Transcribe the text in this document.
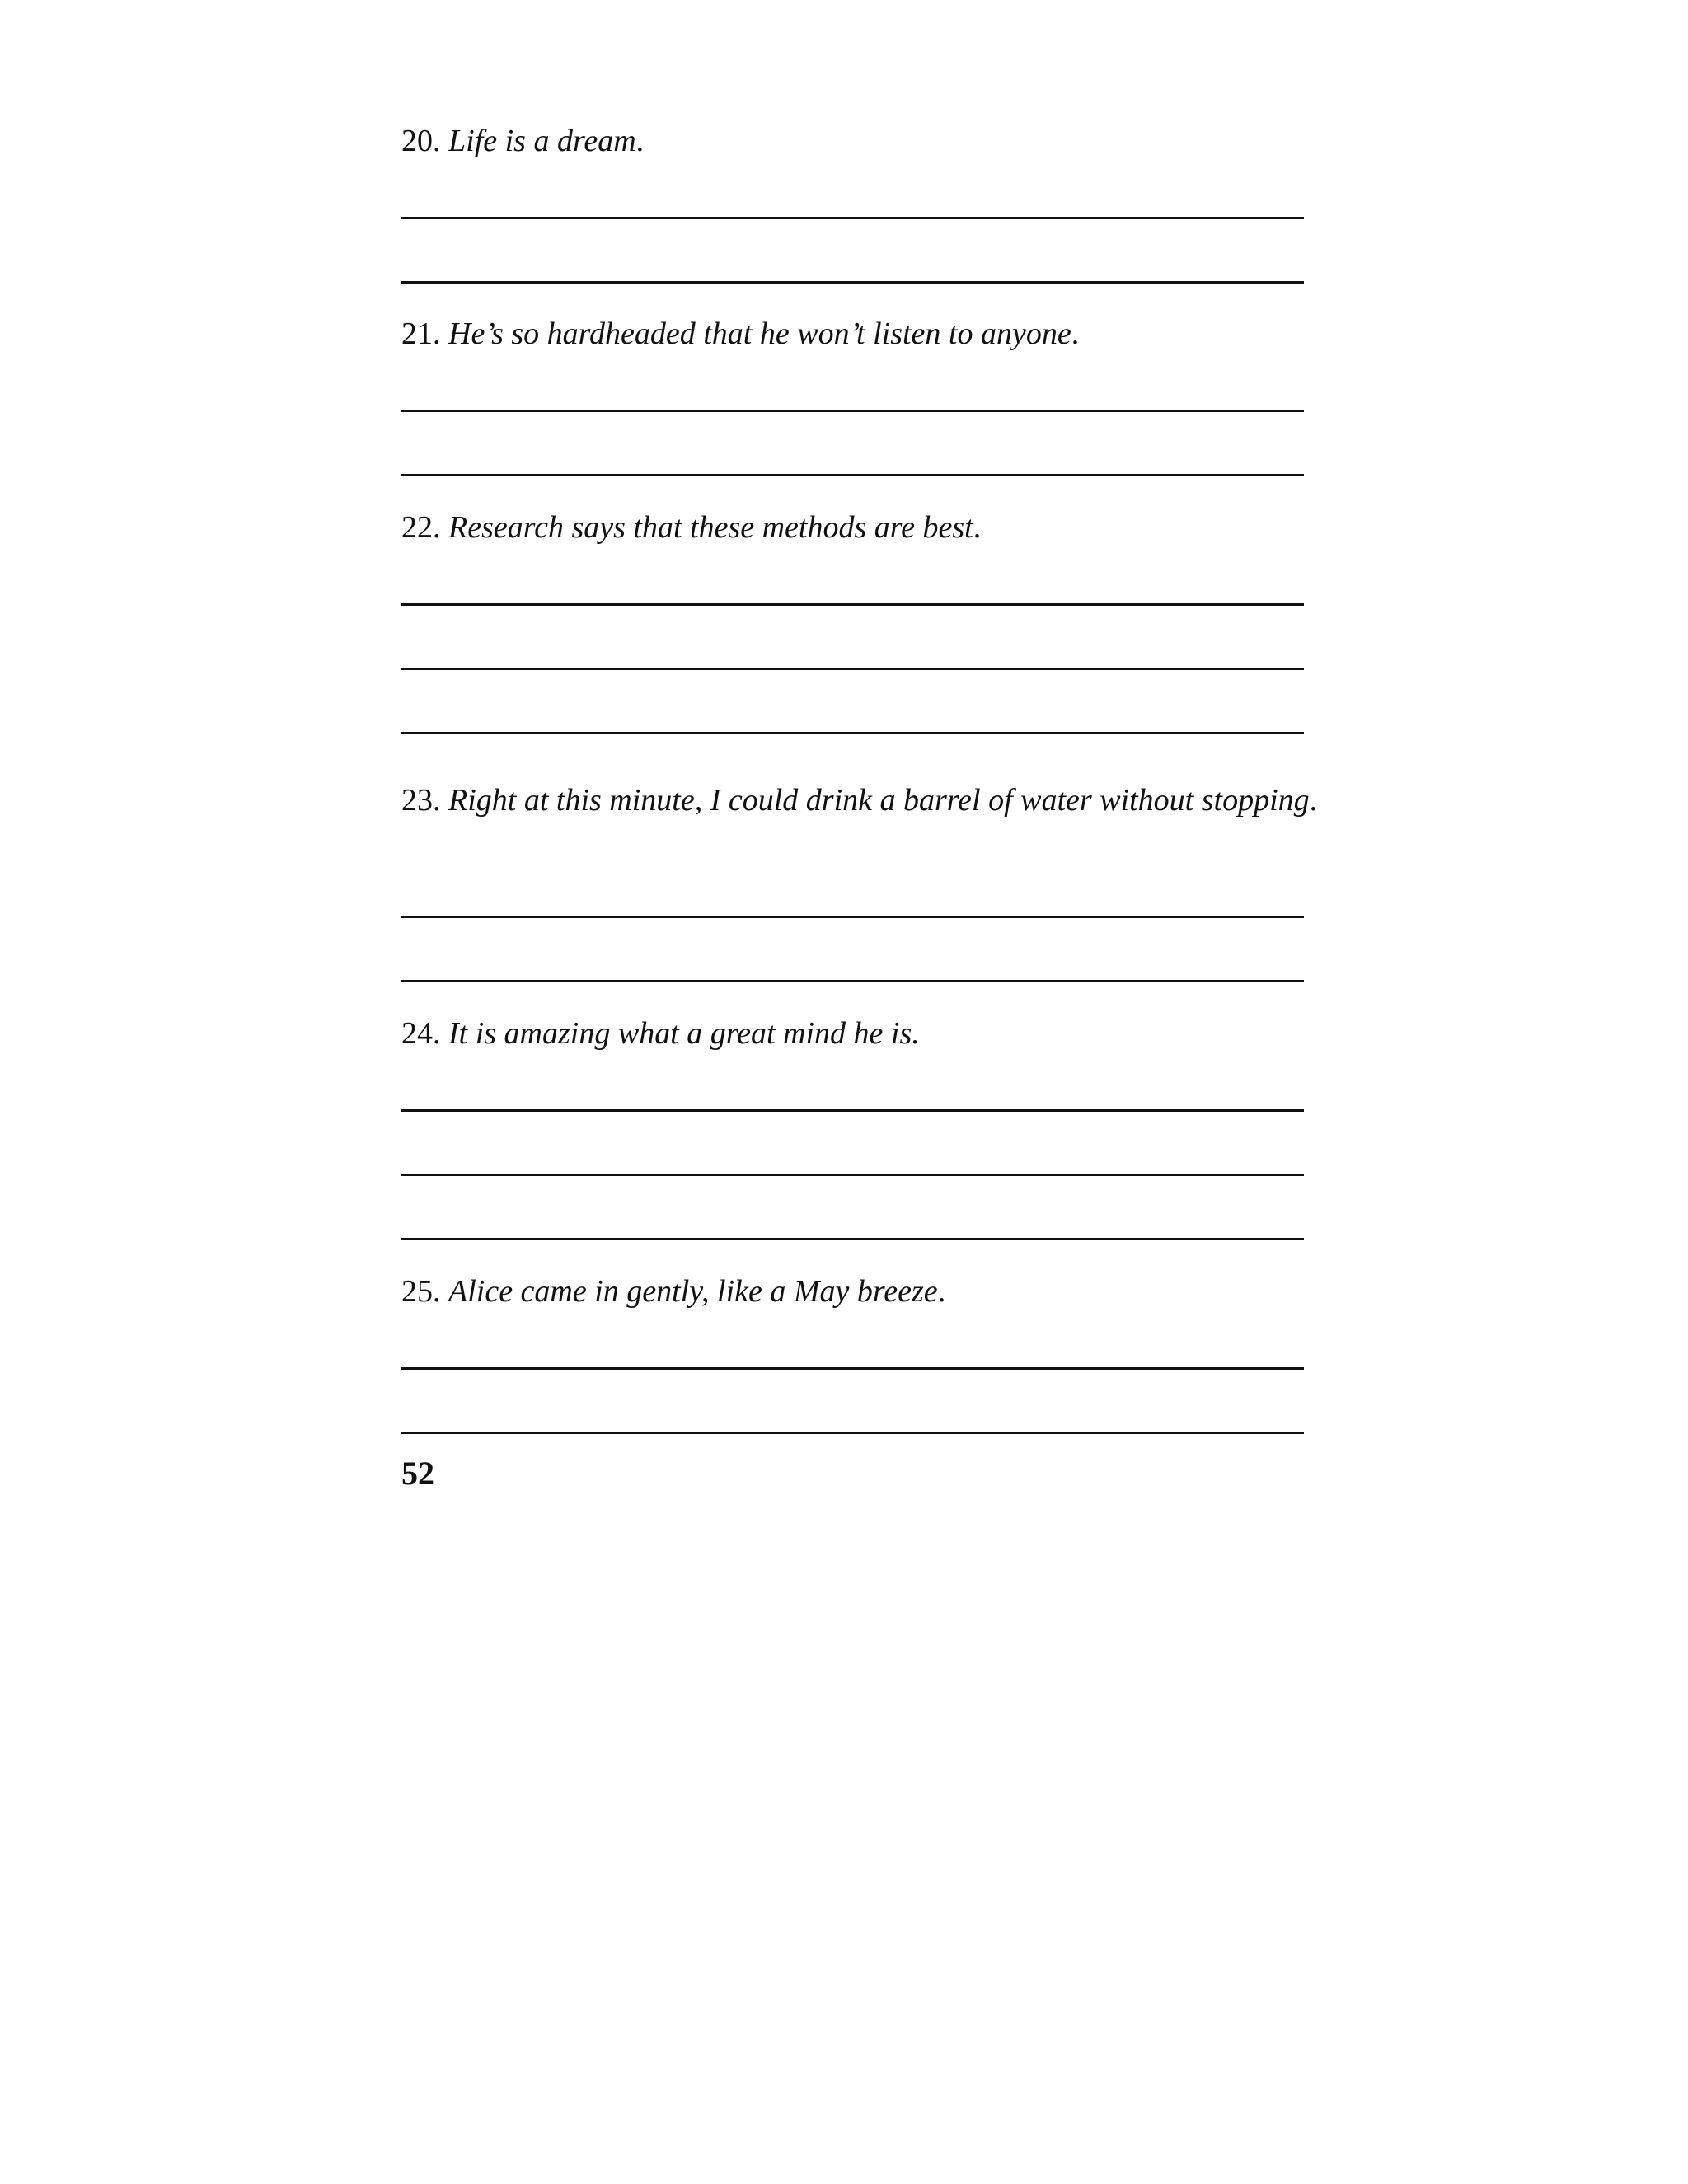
20. Life is a dream.

21. He’s so hardheaded that he won’t listen to anyone.

22. Research says that these methods are best.

23. Right at this minute, I could drink a barrel of water without stopping.

24. It is amazing what a great mind he is.

25. Alice came in gently, like a May breeze.

52
